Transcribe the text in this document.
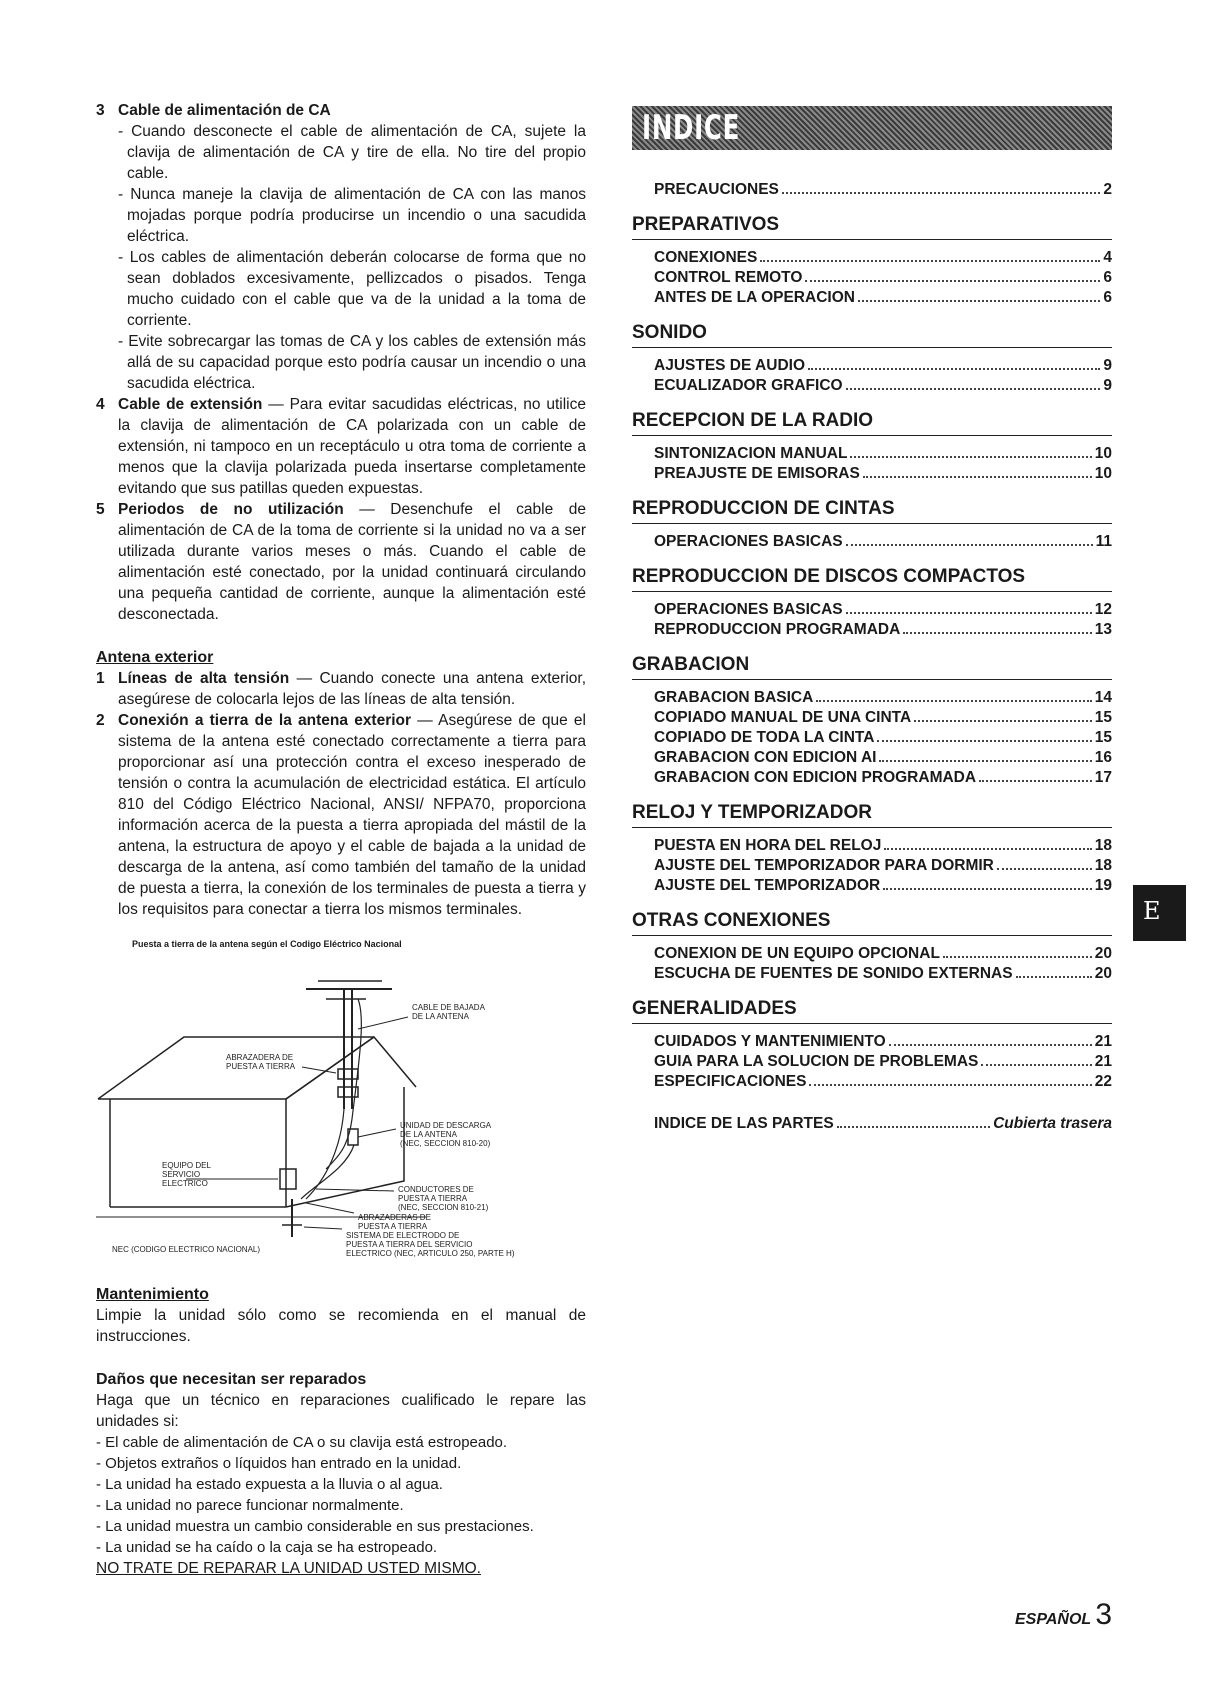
3 Cable de alimentación de CA
- Cuando desconecte el cable de alimentación de CA, sujete la clavija de alimentación de CA y tire de ella. No tire del propio cable.
- Nunca maneje la clavija de alimentación de CA con las manos mojadas porque podría producirse un incendio o una sacudida eléctrica.
- Los cables de alimentación deberán colocarse de forma que no sean doblados excesivamente, pellizcados o pisados. Tenga mucho cuidado con el cable que va de la unidad a la toma de corriente.
- Evite sobrecargar las tomas de CA y los cables de extensión más allá de su capacidad porque esto podría causar un incendio o una sacudida eléctrica.
4 Cable de extensión — Para evitar sacudidas eléctricas, no utilice la clavija de alimentación de CA polarizada con un cable de extensión, ni tampoco en un receptáculo u otra toma de corriente a menos que la clavija polarizada pueda insertarse completamente evitando que sus patillas queden expuestas.
5 Periodos de no utilización — Desenchufe el cable de alimentación de CA de la toma de corriente si la unidad no va a ser utilizada durante varios meses o más. Cuando el cable de alimentación esté conectado, por la unidad continuará circulando una pequeña cantidad de corriente, aunque la alimentación esté desconectada.
Antena exterior
1 Líneas de alta tensión — Cuando conecte una antena exterior, asegúrese de colocarla lejos de las líneas de alta tensión.
2 Conexión a tierra de la antena exterior — Asegúrese de que el sistema de la antena esté conectado correctamente a tierra para proporcionar así una protección contra el exceso inesperado de tensión o contra la acumulación de electricidad estática. El artículo 810 del Código Eléctrico Nacional, ANSI/ NFPA70, proporciona información acerca de la puesta a tierra apropiada del mástil de la antena, la estructura de apoyo y el cable de bajada a la unidad de descarga de la antena, así como también del tamaño de la unidad de puesta a tierra, la conexión de los terminales de puesta a tierra y los requisitos para conectar a tierra los mismos terminales.
Puesta a tierra de la antena según el Codigo Eléctrico Nacional
CABLE DE BAJADA
DE LA ANTENA
ABRAZADERA DE
PUESTA A TIERRA
UNIDAD DE DESCARGA
DE LA ANTENA
(NEC, SECCION 810-20)
EQUIPO DEL
SERVICIO
ELECTRICO
CONDUCTORES DE
PUESTA A TIERRA
(NEC, SECCION 810-21)
ABRAZADERAS DE
PUESTA A TIERRA
SISTEMA DE ELECTRODO DE
PUESTA A TIERRA DEL SERVICIO
ELECTRICO (NEC, ARTICULO 250, PARTE H)
NEC (CODIGO ELECTRICO NACIONAL)
Mantenimiento
Limpie la unidad sólo como se recomienda en el manual de instrucciones.
Daños que necesitan ser reparados
Haga que un técnico en reparaciones cualificado le repare las unidades si:
- El cable de alimentación de CA o su clavija está estropeado.
- Objetos extraños o líquidos han entrado en la unidad.
- La unidad ha estado expuesta a la lluvia o al agua.
- La unidad no parece funcionar normalmente.
- La unidad muestra un cambio considerable en sus prestaciones.
- La unidad se ha caído o la caja se ha estropeado.
NO TRATE DE REPARAR LA UNIDAD USTED MISMO.
INDICE
PRECAUCIONES	2
PREPARATIVOS
CONEXIONES	4
CONTROL REMOTO	6
ANTES DE LA OPERACION	6
SONIDO
AJUSTES DE AUDIO	9
ECUALIZADOR GRAFICO	9
RECEPCION DE LA RADIO
SINTONIZACION MANUAL	10
PREAJUSTE DE EMISORAS	10
REPRODUCCION DE CINTAS
OPERACIONES BASICAS	11
REPRODUCCION DE DISCOS COMPACTOS
OPERACIONES BASICAS	12
REPRODUCCION PROGRAMADA	13
GRABACION
GRABACION BASICA	14
COPIADO MANUAL DE UNA CINTA	15
COPIADO DE TODA LA CINTA	15
GRABACION CON EDICION AI	16
GRABACION CON EDICION PROGRAMADA	17
RELOJ Y TEMPORIZADOR
PUESTA EN HORA DEL RELOJ	18
AJUSTE DEL TEMPORIZADOR PARA DORMIR	18
AJUSTE DEL TEMPORIZADOR	19
OTRAS CONEXIONES
CONEXION DE UN EQUIPO OPCIONAL	20
ESCUCHA DE FUENTES DE SONIDO EXTERNAS	20
GENERALIDADES
CUIDADOS Y MANTENIMIENTO	21
GUIA PARA LA SOLUCION DE PROBLEMAS	21
ESPECIFICACIONES	22
INDICE DE LAS PARTES	Cubierta trasera
E
ESPAÑOL 3
